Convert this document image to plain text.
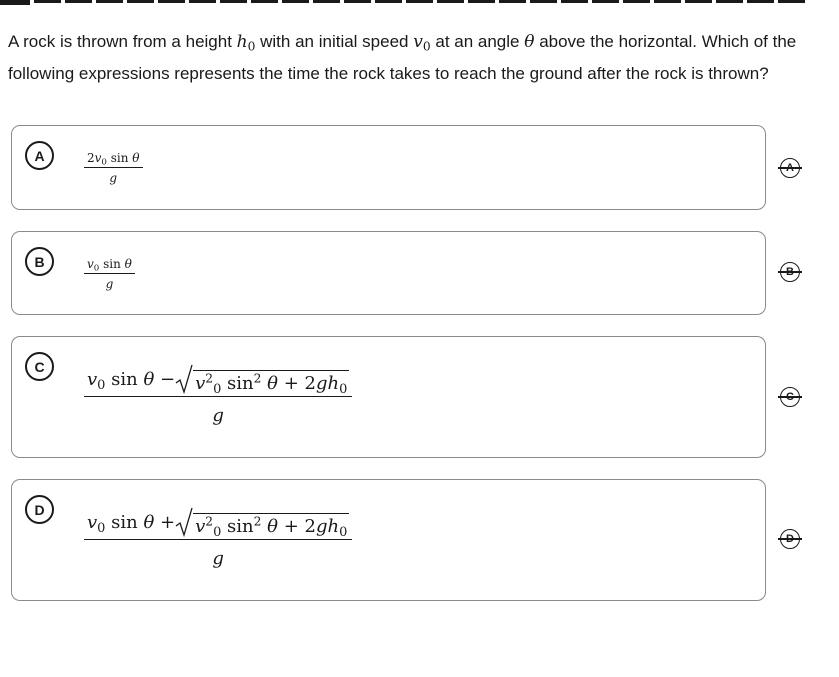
A rock is thrown from a height $h_0$ with an initial speed $v_0$ at an angle θ above the horizontal. Which of the following expressions represents the time the rock takes to reach the ground after the rock is thrown?
A	$\frac{2v_0 \sin \theta}{g}$
B	$\frac{v_0 \sin \theta}{g}$
C	$\frac{v_0 \sin \theta - v^2_0 \sin^2 \theta + 2gh_0}{g}$
D	$\frac{v_0 \sin \theta + v^2_0 \sin^2 \theta + 2gh_0}{g}$
